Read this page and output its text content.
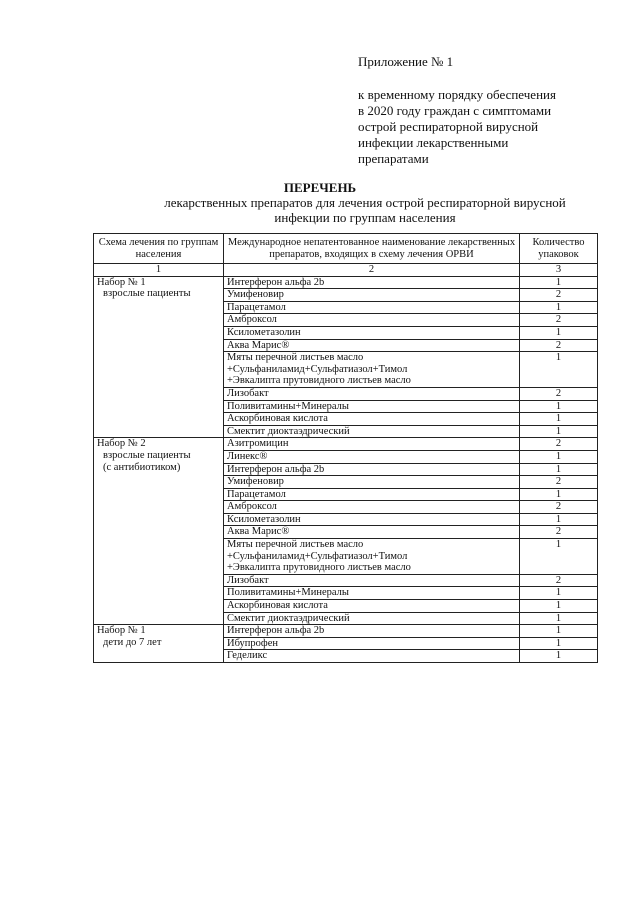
Приложение № 1
к временному порядку обеспечения
в 2020 году граждан с симптомами
острой респираторной вирусной
инфекции лекарственными
препаратами
ПЕРЕЧЕНЬ
лекарственных препаратов для лечения острой респираторной вирусной
инфекции по группам населения
Схема лечения по группам населения	Международное непатентованное наименование лекарственных препаратов, входящих в схему лечения ОРВИ	Количество упаковок
1	2	3

Набор № 1
взрослые пациенты	Интерферон альфа 2b	1

	Умифеновир	2

	Парацетамол	1

	Амброксол	2

	Ксилометазолин	1

	Аква Марис®	2

	Мяты перечной листьев масло
+Сульфаниламид+Сульфатиазол+Тимол
+Эвкалипта прутовидного листьев масло	1

	Лизобакт	2

	Поливитамины+Минералы	1

	Аскорбиновая кислота	1

	Смектит диоктаэдрический	1

Набор № 2
взрослые пациенты
(с антибиотиком)	Азитромицин	2

	Линекс®	1

	Интерферон альфа 2b	1

	Умифеновир	2

	Парацетамол	1

	Амброксол	2

	Ксилометазолин	1

	Аква Марис®	2

	Мяты перечной листьев масло
+Сульфаниламид+Сульфатиазол+Тимол
+Эвкалипта прутовидного листьев масло	1

	Лизобакт	2

	Поливитамины+Минералы	1

	Аскорбиновая кислота	1

	Смектит диоктаэдрический	1

Набор № 1
дети до 7 лет	Интерферон альфа 2b	1

	Ибупрофен	1

	Геделикс	1
